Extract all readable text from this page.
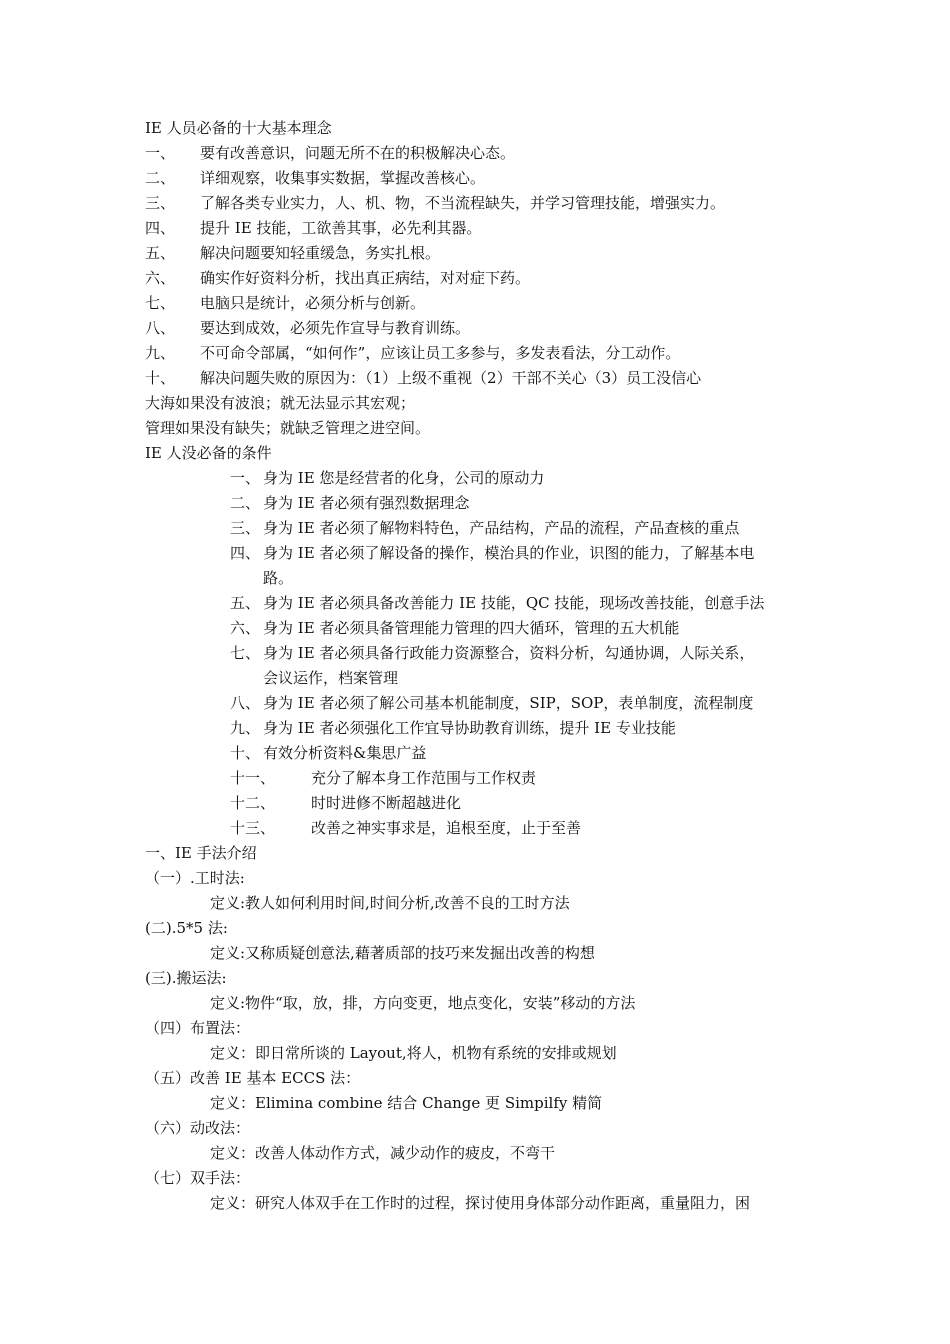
IE 人员必备的十大基本理念
一、 要有改善意识，问题无所不在的积极解决心态。
二、 详细观察，收集事实数据，掌握改善核心。
三、 了解各类专业实力，人、机、物，不当流程缺失，并学习管理技能，增强实力。
四、 提升 IE 技能，工欲善其事，必先利其器。
五、 解决问题要知轻重缓急，务实扎根。
六、 确实作好资料分析，找出真正病结，对对症下药。
七、 电脑只是统计，必须分析与创新。
八、 要达到成效，必须先作宣导与教育训练。
九、 不可命令部属，“如何作”，应该让员工多参与，多发表看法，分工动作。
十、 解决问题失败的原因为：（1）上级不重视（2）干部不关心（3）员工没信心
大海如果没有波浪；就无法显示其宏观；
管理如果没有缺失；就缺乏管理之进空间。
IE 人没必备的条件
一、 身为 IE 您是经营者的化身，公司的原动力
二、 身为 IE 者必须有强烈数据理念
三、 身为 IE 者必须了解物料特色，产品结构，产品的流程，产品查核的重点
四、 身为 IE 者必须了解设备的操作，模治具的作业，识图的能力，了解基本电
路。
五、 身为 IE 者必须具备改善能力 IE 技能，QC 技能，现场改善技能，创意手法
六、 身为 IE 者必须具备管理能力管理的四大循环，管理的五大机能
七、 身为 IE 者必须具备行政能力资源整合，资料分析，勾通协调，人际关系，
会议运作，档案管理
八、 身为 IE 者必须了解公司基本机能制度，SIP，SOP，表单制度，流程制度
九、 身为 IE 者必须强化工作宜导协助教育训练，提升 IE 专业技能
十、 有效分析资料&集思广益
十一、 充分了解本身工作范围与工作权责
十二、 时时进修不断超越进化
十三、 改善之神实事求是，追根至度，止于至善
一、IE 手法介绍
（一）.工时法:
定义:教人如何利用时间,时间分析,改善不良的工时方法
(二).5*5 法:
定义:又称质疑创意法,藉著质部的技巧来发掘出改善的构想
(三).搬运法:
定义:物件“取，放，排，方向变更，地点变化，安装”移动的方法
（四）布置法：
定义：即日常所谈的 Layout,将人，机物有系统的安排或规划
（五）改善 IE 基本 ECCS 法：
定义：Elimina combine 结合 Change 更 Simpilfy 精简
（六）动改法：
定义：改善人体动作方式，减少动作的疲皮，不弯干
（七）双手法：
定义：研究人体双手在工作时的过程，探讨使用身体部分动作距离，重量阻力，困
